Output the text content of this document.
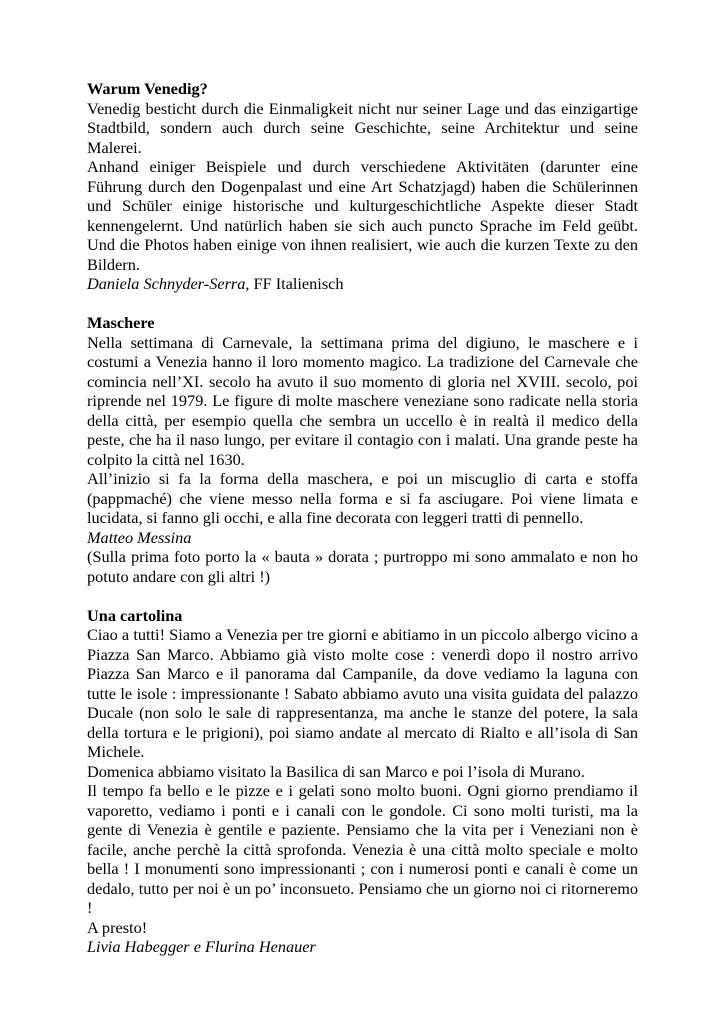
Warum Venedig?

Venedig besticht durch die Einmaligkeit nicht nur seiner Lage und das einzigartige Stadtbild, sondern auch durch seine Geschichte, seine Architektur und seine Malerei.

Anhand einiger Beispiele und durch verschiedene Aktivitäten (darunter eine Führung durch den Dogenpalast und eine Art Schatzjagd) haben die Schülerinnen und Schüler einige historische und kulturgeschichtliche Aspekte dieser Stadt kennengelernt. Und natürlich haben sie sich auch puncto Sprache im Feld geübt. Und die Photos haben einige von ihnen realisiert, wie auch die kurzen Texte zu den Bildern.

Daniela Schnyder-Serra, FF Italienisch

Maschere

Nella settimana di Carnevale, la settimana prima del digiuno, le maschere e i costumi a Venezia hanno il loro momento magico. La tradizione del Carnevale che comincia nell’XI. secolo ha avuto il suo momento di gloria nel XVIII. secolo, poi riprende nel 1979. Le figure di molte maschere veneziane sono radicate nella storia della città, per esempio quella che sembra un uccello è in realtà il medico della peste, che ha il naso lungo, per evitare il contagio con i malati. Una grande peste ha colpito la città nel 1630.

All’inizio si fa la forma della maschera, e poi un miscuglio di carta e stoffa (pappmaché) che viene messo nella forma e si fa asciugare. Poi viene limata e lucidata, si fanno gli occhi, e alla fine decorata con leggeri tratti di pennello.

Matteo Messina

(Sulla prima foto porto la « bauta » dorata ; purtroppo mi sono ammalato e non ho potuto andare con gli altri !)

Una cartolina

Ciao a tutti! Siamo a Venezia per tre giorni e abitiamo in un piccolo albergo vicino a Piazza San Marco. Abbiamo già visto molte cose : venerdì dopo il nostro arrivo Piazza San Marco e il panorama dal Campanile, da dove vediamo la laguna con tutte le isole : impressionante ! Sabato abbiamo avuto una visita guidata del palazzo Ducale (non solo le sale di rappresentanza, ma anche le stanze del potere, la sala della tortura e le prigioni), poi siamo andate al mercato di Rialto e all’isola di San Michele.

Domenica abbiamo visitato la Basilica di san Marco e poi l’isola di Murano.

Il tempo fa bello e le pizze e i gelati sono molto buoni. Ogni giorno prendiamo il vaporetto, vediamo i ponti e i canali con le gondole. Ci sono molti turisti, ma la gente di Venezia è gentile e paziente. Pensiamo che la vita per i Veneziani non è facile, anche perchè la città sprofonda. Venezia è una città molto speciale e molto bella ! I monumenti sono impressionanti ; con i numerosi ponti e canali è come un dedalo, tutto per noi è un po’ inconsueto. Pensiamo che un giorno noi ci ritorneremo !

A presto!

Livia Habegger e Flurina Henauer
